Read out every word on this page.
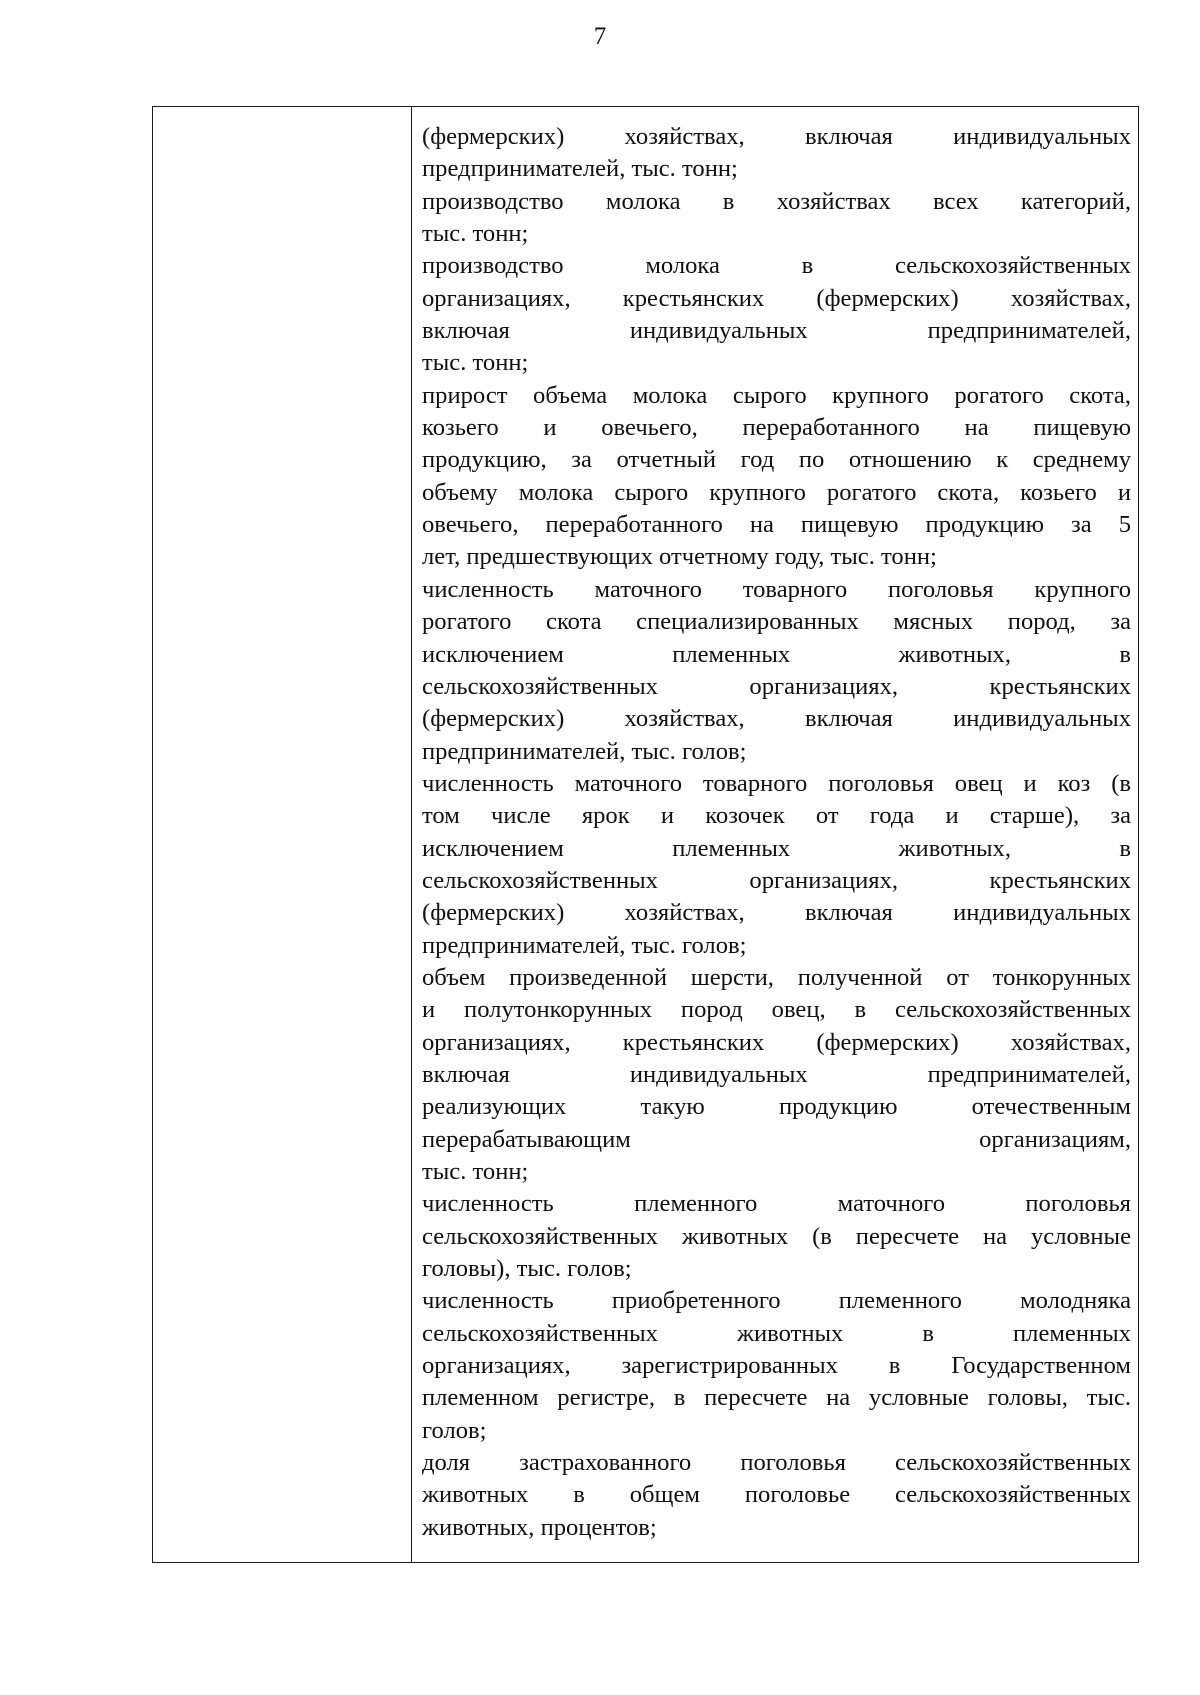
7
(фермерских) хозяйствах, включая индивидуальных
предпринимателей, тыс. тонн;
производство молока в хозяйствах всех категорий,
тыс. тонн;
производство молока в сельскохозяйственных
организациях, крестьянских (фермерских) хозяйствах,
включая индивидуальных предпринимателей,
тыс. тонн;
прирост объема молока сырого крупного рогатого скота,
козьего и овечьего, переработанного на пищевую
продукцию, за отчетный год по отношению к среднему
объему молока сырого крупного рогатого скота, козьего и
овечьего, переработанного на пищевую продукцию за 5
лет, предшествующих отчетному году, тыс. тонн;
численность маточного товарного поголовья крупного
рогатого скота специализированных мясных пород, за
исключением племенных животных, в
сельскохозяйственных организациях, крестьянских
(фермерских) хозяйствах, включая индивидуальных
предпринимателей, тыс. голов;
численность маточного товарного поголовья овец и коз (в
том числе ярок и козочек от года и старше), за
исключением племенных животных, в
сельскохозяйственных организациях, крестьянских
(фермерских) хозяйствах, включая индивидуальных
предпринимателей, тыс. голов;
объем произведенной шерсти, полученной от тонкорунных
и полутонкорунных пород овец, в сельскохозяйственных
организациях, крестьянских (фермерских) хозяйствах,
включая индивидуальных предпринимателей,
реализующих такую продукцию отечественным
перерабатывающим организациям,
тыс. тонн;
численность племенного маточного поголовья
сельскохозяйственных животных (в пересчете на условные
головы), тыс. голов;
численность приобретенного племенного молодняка
сельскохозяйственных животных в племенных
организациях, зарегистрированных в Государственном
племенном регистре, в пересчете на условные головы, тыс.
голов;
доля застрахованного поголовья сельскохозяйственных
животных в общем поголовье сельскохозяйственных
животных, процентов;
